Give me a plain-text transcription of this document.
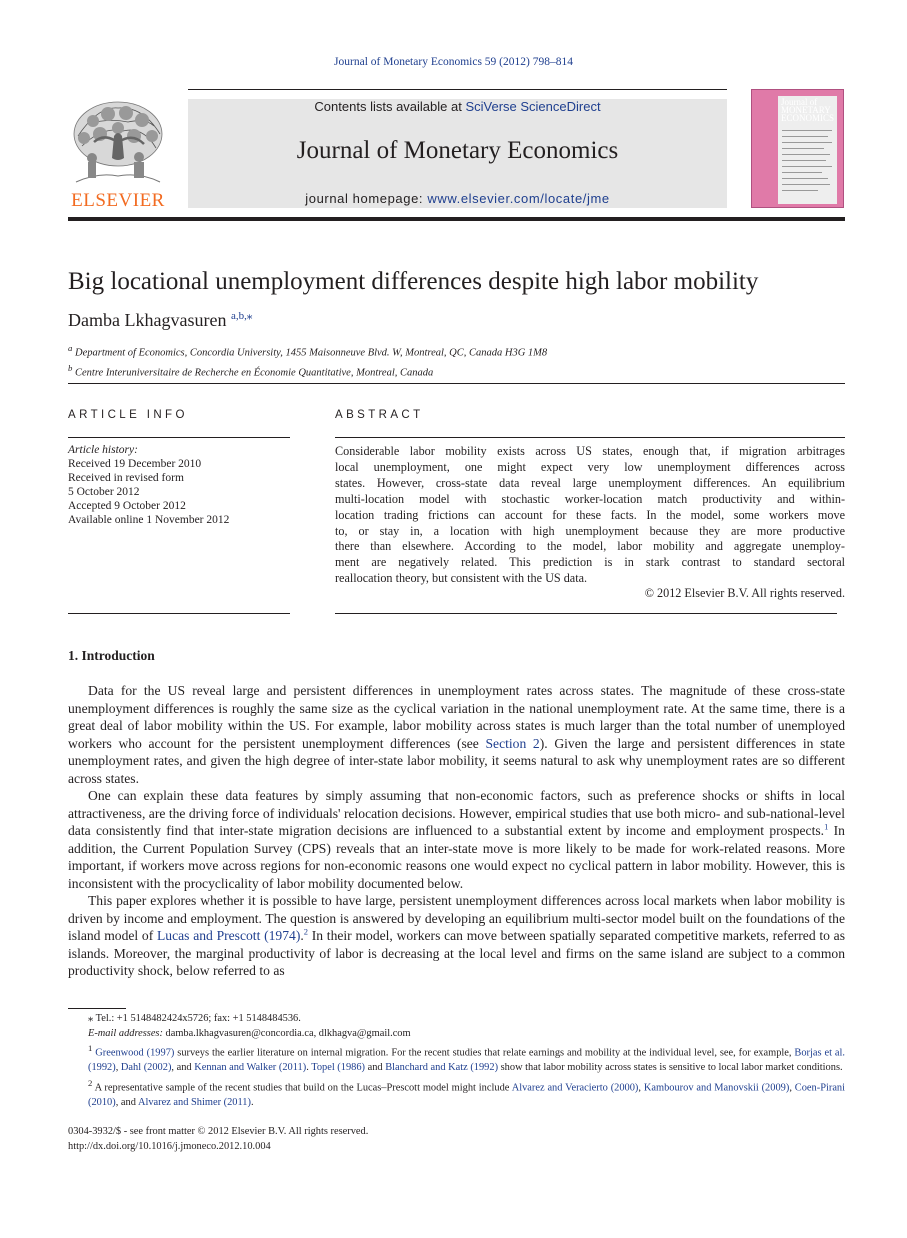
Journal of Monetary Economics 59 (2012) 798–814
Contents lists available at SciVerse ScienceDirect
Journal of Monetary Economics
journal homepage: www.elsevier.com/locate/jme
ELSEVIER
Journal of MONETARY ECONOMICS
Big locational unemployment differences despite high labor mobility
Damba Lkhagvasuren $^{a,b,⁎}$
$^a$ Department of Economics, Concordia University, 1455 Maisonneuve Blvd. W, Montreal, QC, Canada H3G 1M8
$^b$ Centre Interuniversitaire de Recherche en Économie Quantitative, Montreal, Canada
ARTICLE INFO	ABSTRACT
Article history:
Received 19 December 2010
Received in revised form
5 October 2012
Accepted 9 October 2012
Available online 1 November 2012
Considerable labor mobility exists across US states, enough that, if migration arbitrages
local unemployment, one might expect very low unemployment differences across
states. However, cross-state data reveal large unemployment differences. An equilibrium
multi-location model with stochastic worker-location match productivity and within-
location trading frictions can account for these facts. In the model, some workers move
to, or stay in, a location with high unemployment because they are more productive
there than elsewhere. According to the model, labor mobility and aggregate unemploy-
ment are negatively related. This prediction is in stark contrast to standard sectoral
reallocation theory, but consistent with the US data.
© 2012 Elsevier B.V. All rights reserved.
1. Introduction

Data for the US reveal large and persistent differences in unemployment rates across states. The magnitude of these cross-state unemployment differences is roughly the same size as the cyclical variation in the national unemployment rate. At the same time, there is a great deal of labor mobility within the US. For example, labor mobility across states is much larger than the total number of unemployed workers who account for the persistent unemployment differences (see Section 2). Given the large and persistent differences in state unemployment rates, and given the high degree of inter-state labor mobility, it seems natural to ask why unemployment rates are so different across states.

One can explain these data features by simply assuming that non-economic factors, such as preference shocks or shifts in local attractiveness, are the driving force of individuals' relocation decisions. However, empirical studies that use both micro- and sub-national-level data consistently find that inter-state migration decisions are influenced to a substantial extent by income and employment prospects.$^1$ In addition, the Current Population Survey (CPS) reveals that an inter-state move is more likely to be made for work-related reasons. More important, if workers move across regions for non-economic reasons one would expect no cyclical pattern in labor mobility. However, this is inconsistent with the procyclicality of labor mobility documented below.

This paper explores whether it is possible to have large, persistent unemployment differences across local markets when labor mobility is driven by income and employment. The question is answered by developing an equilibrium multi-sector model built on the foundations of the island model of Lucas and Prescott (1974).$^2$ In their model, workers can move between spatially separated competitive markets, referred to as islands. Moreover, the marginal productivity of labor is decreasing at the local level and firms on the same island are subject to a common productivity shock, below referred to as

⁎ Tel.: +1 5148482424x5726; fax: +1 5148484536.

E-mail addresses: damba.lkhagvasuren@concordia.ca, dlkhagva@gmail.com

$^1$ Greenwood (1997) surveys the earlier literature on internal migration. For the recent studies that relate earnings and mobility at the individual level, see, for example, Borjas et al. (1992), Dahl (2002), and Kennan and Walker (2011). Topel (1986) and Blanchard and Katz (1992) show that labor mobility across states is sensitive to local labor market conditions.

$^2$ A representative sample of the recent studies that build on the Lucas–Prescott model might include Alvarez and Veracierto (2000), Kambourov and Manovskii (2009), Coen-Pirani (2010), and Alvarez and Shimer (2011).

0304-3932/$ - see front matter © 2012 Elsevier B.V. All rights reserved.
http://dx.doi.org/10.1016/j.jmoneco.2012.10.004
